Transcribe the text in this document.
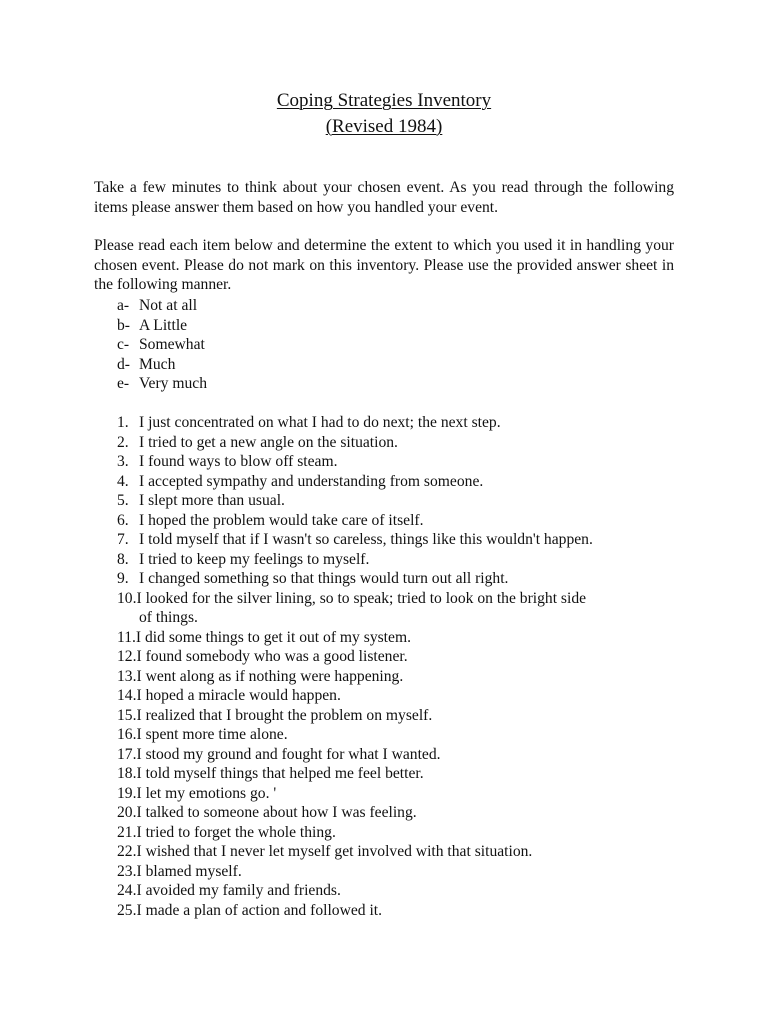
Coping Strategies Inventory
(Revised 1984)

Take a few minutes to think about your chosen event. As you read through the following items please answer them based on how you handled your event.

Please read each item below and determine the extent to which you used it in handling your chosen event. Please do not mark on this inventory. Please use the provided answer sheet in the following manner.

a- Not at all
b- A Little
c- Somewhat
d- Much
e- Very much
1. I just concentrated on what I had to do next; the next step.
2. I tried to get a new angle on the situation.
3. I found ways to blow off steam.
4. I accepted sympathy and understanding from someone.
5. I slept more than usual.
6. I hoped the problem would take care of itself.
7. I told myself that if I wasn't so careless, things like this wouldn't happen.
8. I tried to keep my feelings to myself.
9. I changed something so that things would turn out all right.
10.I looked for the silver lining, so to speak; tried to look on the bright side
of things.
11.I did some things to get it out of my system.
12.I found somebody who was a good listener.
13.I went along as if nothing were happening.
14.I hoped a miracle would happen.
15.I realized that I brought the problem on myself.
16.I spent more time alone.
17.I stood my ground and fought for what I wanted.
18.I told myself things that helped me feel better.
19.I let my emotions go. '
20.I talked to someone about how I was feeling.
21.I tried to forget the whole thing.
22.I wished that I never let myself get involved with that situation.
23.I blamed myself.
24.I avoided my family and friends.
25.I made a plan of action and followed it.
